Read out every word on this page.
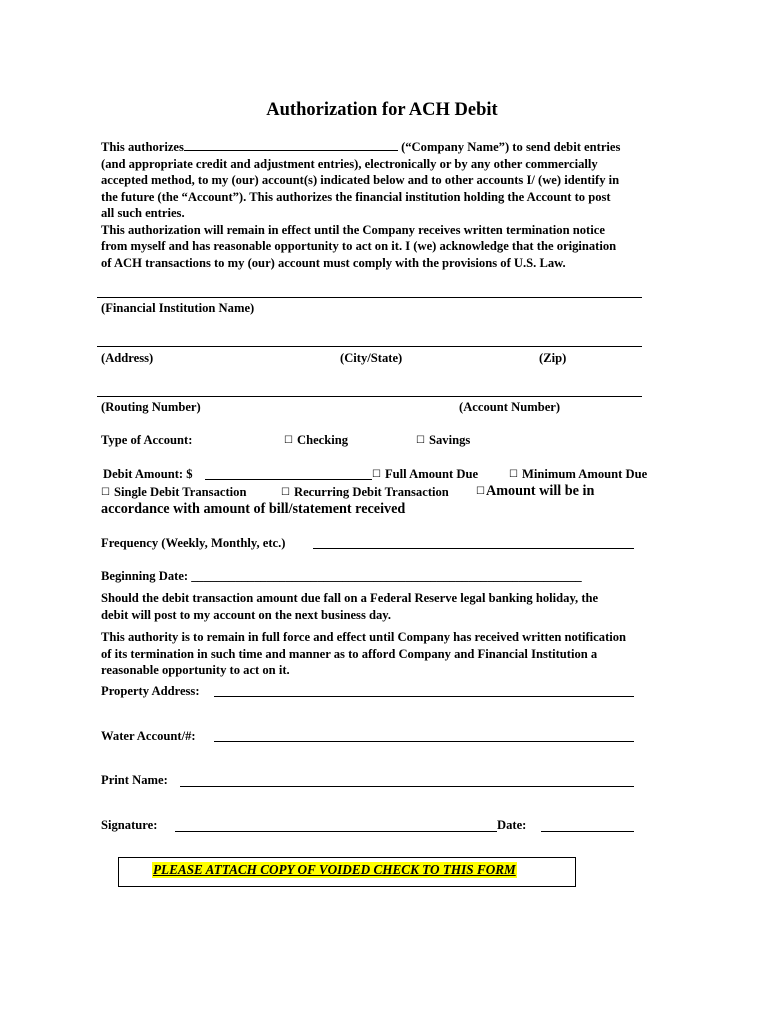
Authorization for ACH Debit
This authorizes	(“Company Name”) to send debit entries
(and appropriate credit and adjustment entries), electronically or by any other commercially
accepted method, to my (our) account(s) indicated below and to other accounts I/ (we) identify in
the future (the “Account”). This authorizes the financial institution holding the Account to post
all such entries.
This authorization will remain in effect until the Company receives written termination notice
from myself and has reasonable opportunity to act on it. I (we) acknowledge that the origination
of ACH transactions to my (our) account must comply with the provisions of U.S. Law.
(Financial Institution Name)
(Address)	(City/State)	(Zip)
(Routing Number)	(Account Number)
Type of Account:	☐ Checking	☐ Savings
Debit Amount: $	☐ Full Amount Due	☐ Minimum Amount Due
☐ Single Debit Transaction	☐ Recurring Debit Transaction	☐Amount will be in
accordance with amount of bill/statement received
Frequency (Weekly, Monthly, etc.)
Beginning Date: ______________________________________________________________
Should the debit transaction amount due fall on a Federal Reserve legal banking holiday, the
debit will post to my account on the next business day.
This authority is to remain in full force and effect until Company has received written notification
of its termination in such time and manner as to afford Company and Financial Institution a
reasonable opportunity to act on it.
Property Address:
Water Account/#:
Print Name:
Signature:	Date:
PLEASE ATTACH COPY OF VOIDED CHECK TO THIS FORM
